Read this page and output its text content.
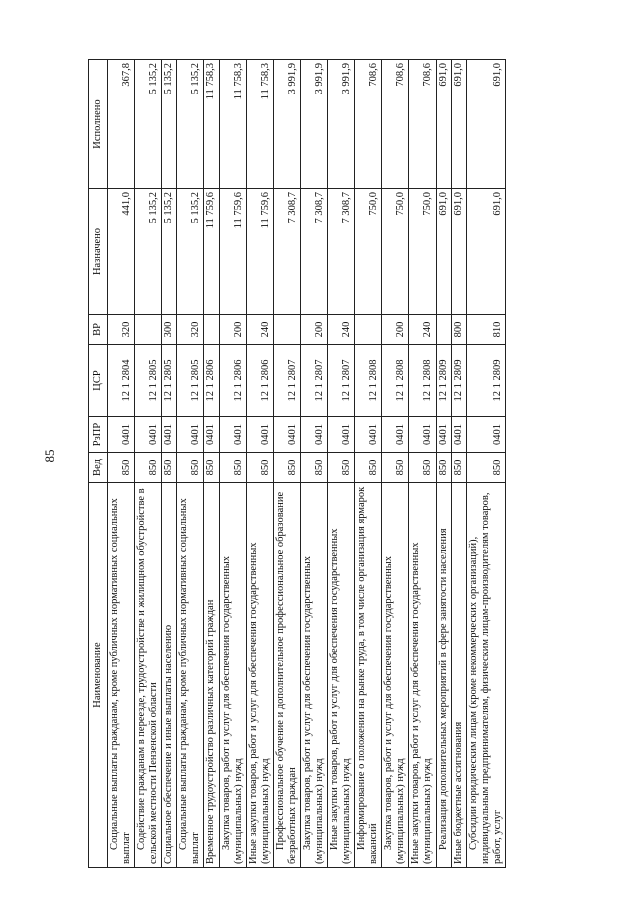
85
Наименование	Вед	РзПР	ЦСР	ВР	Назначено	Исполнено
Социальные выплаты гражданам, кроме публичных нормативных социальных выплат	850	0401	12 1 2804	320	441,0	367,8
Содействие гражданам в переезде, трудоустройстве и жилищном обустройстве в сельской местности Пензенской области	850	0401	12 1 2805		5 135,2	5 135,2
Социальное обеспечение и иные выплаты населению	850	0401	12 1 2805	300	5 135,2	5 135,2
Социальные выплаты гражданам, кроме публичных нормативных социальных выплат	850	0401	12 1 2805	320	5 135,2	5 135,2
Временное трудоустройство различных категорий граждан	850	0401	12 1 2806		11 759,6	11 758,3
Закупка товаров, работ и услуг для обеспечения государственных (муниципальных) нужд	850	0401	12 1 2806	200	11 759,6	11 758,3
Иные закупки товаров, работ и услуг для обеспечения государственных (муниципальных) нужд	850	0401	12 1 2806	240	11 759,6	11 758,3
Профессиональное обучение и дополнительное профессиональное образование безработных граждан	850	0401	12 1 2807		7 308,7	3 991,9
Закупка товаров, работ и услуг для обеспечения государственных (муниципальных) нужд	850	0401	12 1 2807	200	7 308,7	3 991,9
Иные закупки товаров, работ и услуг для обеспечения государственных (муниципальных) нужд	850	0401	12 1 2807	240	7 308,7	3 991,9
Информирование о положении на рынке труда, в том числе организация ярмарок вакансий	850	0401	12 1 2808		750,0	708,6
Закупка товаров, работ и услуг для обеспечения государственных (муниципальных) нужд	850	0401	12 1 2808	200	750,0	708,6
Иные закупки товаров, работ и услуг для обеспечения государственных (муниципальных) нужд	850	0401	12 1 2808	240	750,0	708,6
Реализация дополнительных мероприятий в сфере занятости населения	850	0401	12 1 2809		691,0	691,0
Иные бюджетные ассигнования	850	0401	12 1 2809	800	691,0	691,0
Субсидии юридическим лицам (кроме некоммерческих организаций), индивидуальным предпринимателям, физическим лицам-производителям товаров, работ, услуг	850	0401	12 1 2809	810	691,0	691,0
